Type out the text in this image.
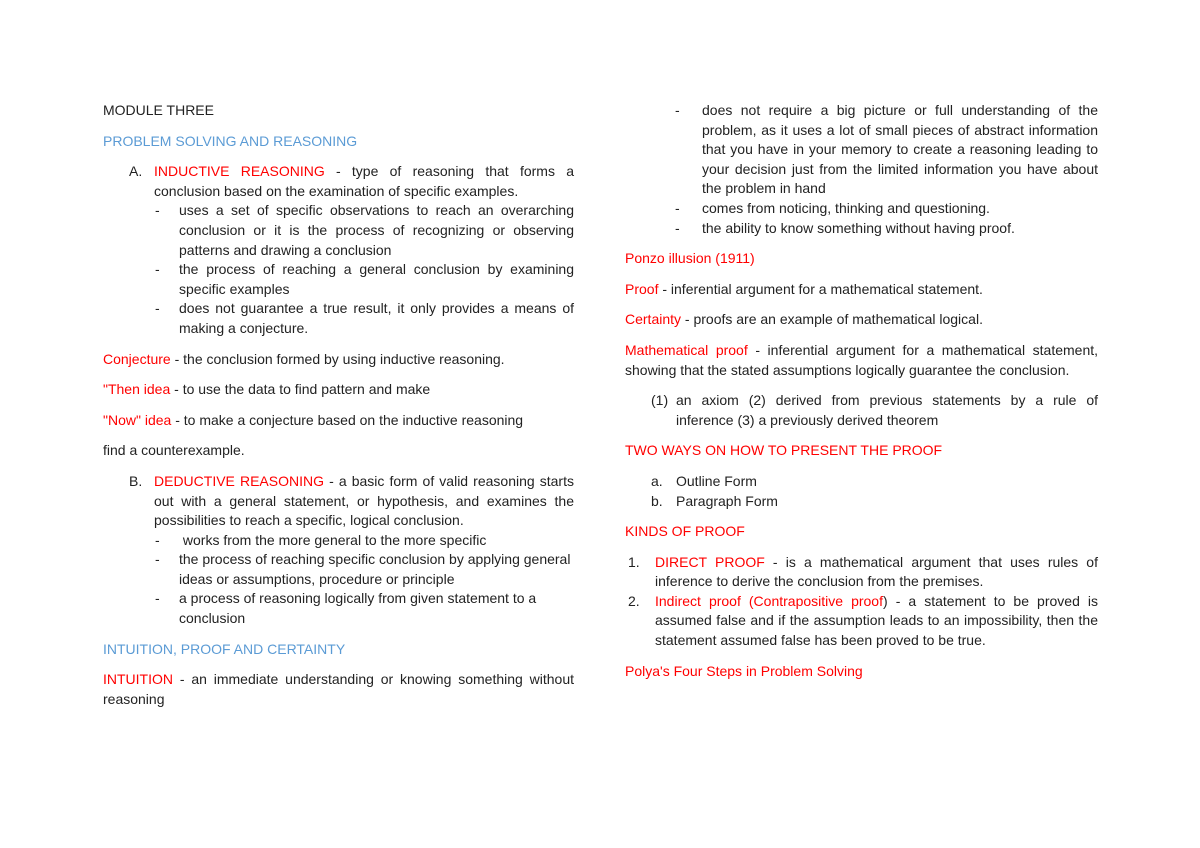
MODULE THREE

PROBLEM SOLVING AND REASONING

A. INDUCTIVE REASONING - type of reasoning that forms a conclusion based on the examination of specific examples.
- uses a set of specific observations to reach an overarching conclusion or it is the process of recognizing or observing patterns and drawing a conclusion
- the process of reaching a general conclusion by examining specific examples
- does not guarantee a true result, it only provides a means of making a conjecture.

Conjecture - the conclusion formed by using inductive reasoning.

"Then idea - to use the data to find pattern and make

"Now" idea - to make a conjecture based on the inductive reasoning

find a counterexample.

B. DEDUCTIVE REASONING - a basic form of valid reasoning starts out with a general statement, or hypothesis, and examines the possibilities to reach a specific, logical conclusion.
- works from the more general to the more specific
- the process of reaching specific conclusion by applying general ideas or assumptions, procedure or principle
- a process of reasoning logically from given statement to a conclusion

INTUITION, PROOF AND CERTAINTY

INTUITION - an immediate understanding or knowing something without reasoning

- does not require a big picture or full understanding of the problem, as it uses a lot of small pieces of abstract information that you have in your memory to create a reasoning leading to your decision just from the limited information you have about the problem in hand
- comes from noticing, thinking and questioning.
- the ability to know something without having proof.

Ponzo illusion (1911)

Proof - inferential argument for a mathematical statement.

Certainty - proofs are an example of mathematical logical.

Mathematical proof - inferential argument for a mathematical statement, showing that the stated assumptions logically guarantee the conclusion.

(1) an axiom (2) derived from previous statements by a rule of inference (3) a previously derived theorem

TWO WAYS ON HOW TO PRESENT THE PROOF

a. Outline Form
b. Paragraph Form

KINDS OF PROOF

1. DIRECT PROOF - is a mathematical argument that uses rules of inference to derive the conclusion from the premises.
2. Indirect proof (Contrapositive proof) - a statement to be proved is assumed false and if the assumption leads to an impossibility, then the statement assumed false has been proved to be true.

Polya's Four Steps in Problem Solving
